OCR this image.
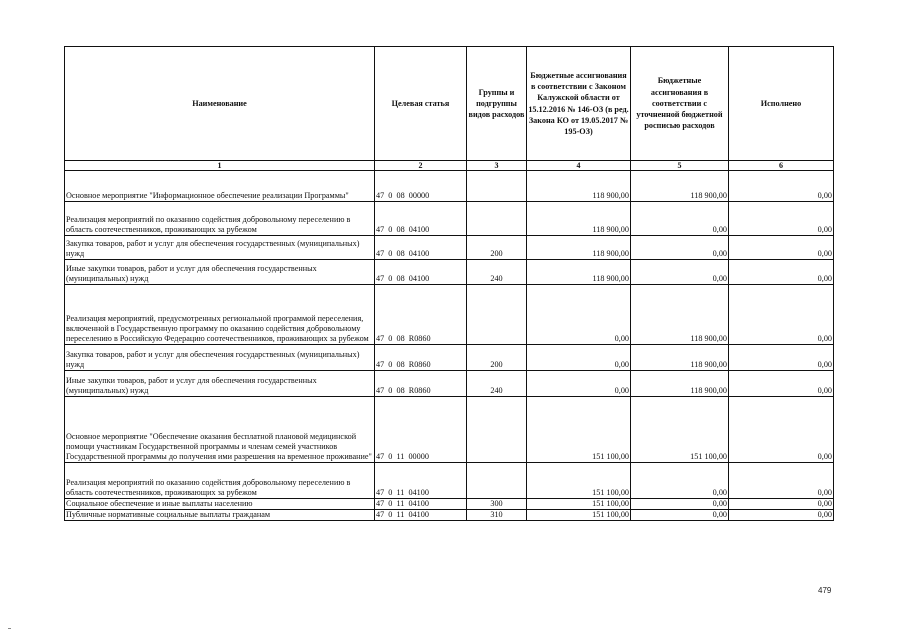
Наименование	Целевая статья	Группы и подгруппы видов расходов	Бюджетные ассигнования в соответствии с Законом Калужской области от 15.12.2016 № 146-ОЗ (в ред. Закона КО от 19.05.2017 № 195-ОЗ)	Бюджетные ассигнования в соответствии с уточненной бюджетной росписью расходов	Исполнено
1	2	3	4	5	6
Основное мероприятие "Информационное обеспечение реализации Программы"	47  0  08  00000		118 900,00	118 900,00	0,00
Реализация мероприятий по оказанию содействия добровольному переселению в область соотечественников, проживающих за рубежом	47  0  08  04100		118 900,00	0,00	0,00
Закупка товаров, работ и услуг для обеспечения государственных (муниципальных) нужд	47  0  08  04100	200	118 900,00	0,00	0,00
Иные закупки товаров, работ и услуг для обеспечения государственных (муниципальных) нужд	47  0  08  04100	240	118 900,00	0,00	0,00
Реализация мероприятий, предусмотренных региональной программой переселения, включенной в Государственную программу по оказанию содействия добровольному переселению в Российскую Федерацию соотечественников, проживающих за рубежом	47  0  08  R0860		0,00	118 900,00	0,00
Закупка товаров, работ и услуг для обеспечения государственных (муниципальных) нужд	47  0  08  R0860	200	0,00	118 900,00	0,00
Иные закупки товаров, работ и услуг для обеспечения государственных (муниципальных) нужд	47  0  08  R0860	240	0,00	118 900,00	0,00
Основное мероприятие "Обеспечение оказания бесплатной плановой медицинской помощи участникам Государственной программы и членам семей участников Государственной программы до получения ими разрешения на временное проживание"	47  0  11  00000		151 100,00	151 100,00	0,00
Реализация мероприятий по оказанию содействия добровольному переселению в область соотечественников, проживающих за рубежом	47  0  11  04100		151 100,00	0,00	0,00
Социальное обеспечение и иные выплаты населению	47  0  11  04100	300	151 100,00	0,00	0,00
Публичные нормативные социальные выплаты гражданам	47  0  11  04100	310	151 100,00	0,00	0,00
479
